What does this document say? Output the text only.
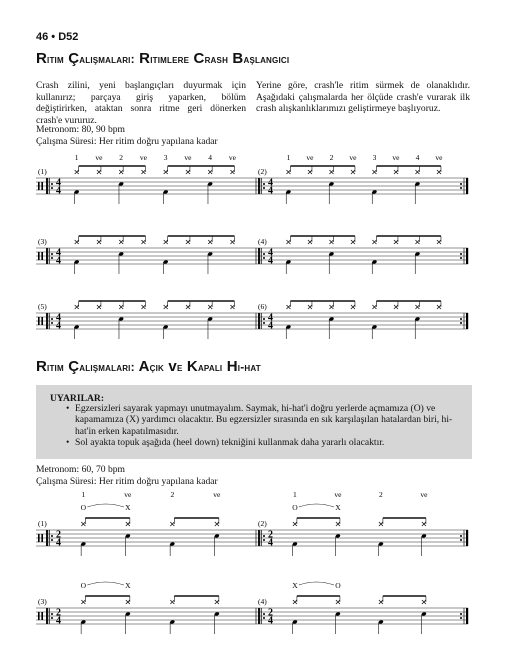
46 • D52
Ritim Çalışmaları: Ritimlere Crash Başlangıcı
Crash zilini, yeni başlangıçları duyurmak için kullanırız; parçaya giriş yaparken, bölüm değiştirirken, ataktan sonra ritme geri dönerken crash'e vururuz.
Yerine göre, crash'le ritim sürmek de olanaklıdır. Aşağıdaki çalışmalarda her ölçüde crash'e vurarak ilk crash alışkanlıklarımızı geliştirmeye başlıyoruz.
Metronom: 80, 90 bpm
Çalışma Süresi: Her ritim doğru yapılana kadar
(1)
4
4
1 ve 2 ve 3 ve 4 ve
(2)
4
4
1 ve 2 ve 3 ve 4 ve
(3)
4
4
(4)
4
4
(5)
4
4
(6)
4
4
Ritim Çalışmaları: Açık ve Kapalı Hi-hat
UYARILAR:
• Egzersizleri sayarak yapmayı unutmayalım. Saymak, hi-hat'i doğru yerlerde açmamıza (O) ve kapamamıza (X) yardımcı olacaktır. Bu egzersizler sırasında en sık karşılaşılan hatalardan biri, hi-hat'in erken kapatılmasıdır.
• Sol ayakta topuk aşağıda (heel down) tekniğini kullanmak daha yararlı olacaktır.
Metronom: 60, 70 bpm
Çalışma Süresi: Her ritim doğru yapılana kadar
(1)
2
4
1	ve	2	ve
O	X
(2)
2
4
1	ve	2	ve
O	X
(3)
2
4
O	X
(4)
2
4
X	O
